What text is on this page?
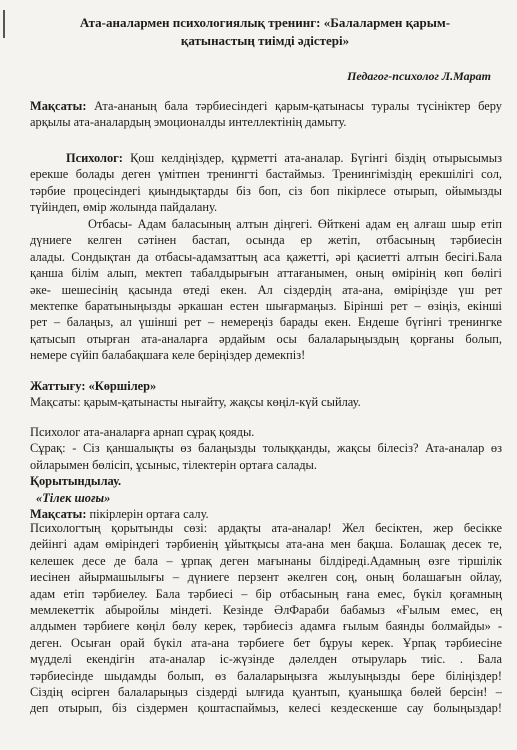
Ата-аналармен психологиялық тренинг: «Балалармен қарым-
қатынастың тиімді әдістері»
Педагог-психолог Л.Марат
Мақсаты: Ата-ананың бала тәрбиесіндегі қарым-қатынасы туралы түсініктер беру
арқылы ата-аналардың эмоционалды интеллектінің дамыту.
Психолог: Қош келдіңіздер, құрметті ата-аналар. Бүгінгі біздің отырысымыз
ерекше болады деген үмітпен тренингті бастаймыз. Тренингіміздің ерекшілігі сол,
тәрбие процесіндегі қиындықтарды біз боп, сіз боп пікірлесе отырып, ойымызды
түйіндеп, өмір жолында пайдалану.
Отбасы- Адам баласының алтын діңгегі. Өйткені адам ең алғаш шыр етіп
дүниеге келген сәтінен бастап, осында ер жетіп, отбасының тәрбиесін
алады. Сондықтан да отбасы-адамзаттың аса қажетті, әрі қасиетті алтын бесігі.Бала
қанша білім алып, мектеп табалдырығын аттағанымен, оның өмірінің көп бөлігі
әке- шешесінің қасында өтеді екен. Ал сіздердің ата-ана, өміріңізде үш рет
мектепке баратыныңызды әркашан естен шығармаңыз. Бірінші рет – өзіңіз, екінші
рет – балаңыз, ал үшінші рет – немереңіз барады екен. Ендеше бүгінгі тренингке
қатысып отырған ата-аналарға әрдайым осы балаларыңыздың қорғаны болып,
немере сүйіп балабақшаға келе беріңіздер демекпіз!
Жаттығу: «Көршілер»
Мақсаты: қарым-қатынасты нығайту, жақсы көңіл-күй сыйлау.
Психолог ата-аналарға арнап сұрақ қояды.
Сұрақ: - Сіз қаншалықты өз балаңызды толыққанды, жақсы білесіз? Ата-аналар өз
ойларымен бөлісіп, ұсыныс, тілектерін ортаға салады.
Қорытындылау.
«Тілек шоғы»
Мақсаты: пікірлерін ортаға салу.
Психологтың қорытынды сөзі: ардақты ата-аналар! Жел бесіктен, жер бесікке
дейінгі адам өміріндегі тәрбиенің ұйытқысы ата-ана мен бақша. Болашақ десек те,
келешек десе де бала – ұрпақ деген мағынаны білдіреді.Адамның өзге тіршілік
иесінен айырмашылығы – дүниеге перзент әкелген соң, оның болашағын ойлау,
адам етіп тәрбиелеу. Бала тәрбиесі – бір отбасының ғана емес, бүкіл қоғамның
мемлекеттік абыройлы міндеті. Кезінде ӘлФараби бабамыз «Ғылым емес, ең
алдымен тәрбиеге көңіл бөлу керек, тәрбиесіз адамға ғылым баянды болмайды» -
деген. Осыған орай бүкіл ата-ана тәрбиеге бет бұруы керек. Ұрпақ тәрбиесіне
мүдделі екендігін ата-аналар іс-жүзінде дәлелден отыруларь тиіс. . Бала
тәрбиесінде шыдамды болып, өз балаларыңызға жылуыңызды бере біліңіздер!
Сіздің өсірген балаларыңыз сіздерді ылғида қуантып, қуанышқа бөлей берсін! –
деп отырып, біз сіздермен қоштаспаймыз, келесі кездескенше сау болыңыздар!
